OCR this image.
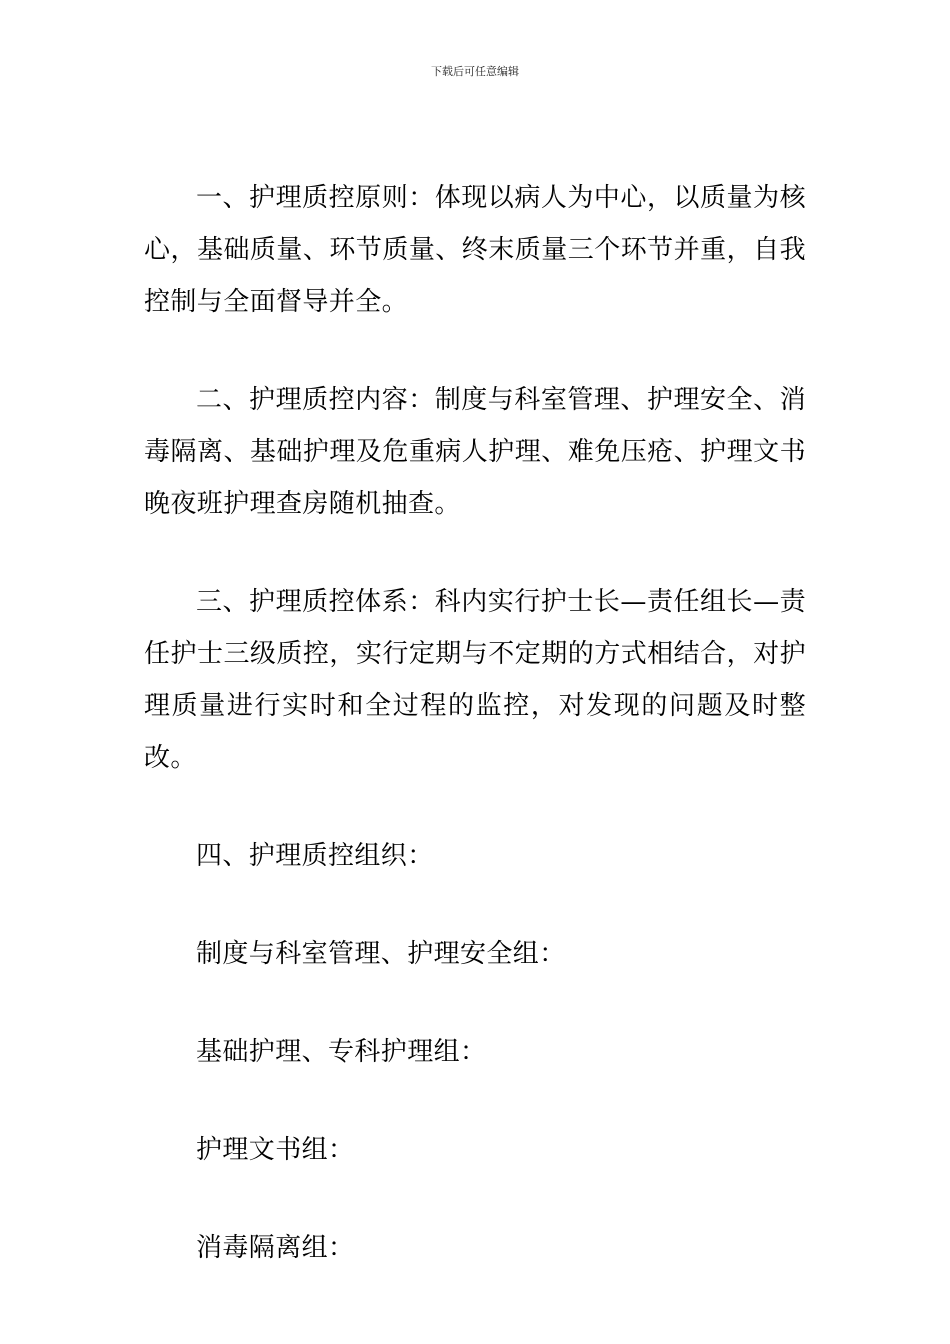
下载后可任意编辑

一、护理质控原则：体现以病人为中心，以质量为核心，基础质量、环节质量、终末质量三个环节并重，自我控制与全面督导并全。

二、护理质控内容：制度与科室管理、护理安全、消毒隔离、基础护理及危重病人护理、难免压疮、护理文书晚夜班护理查房随机抽查。

三、护理质控体系：科内实行护士长—责任组长—责任护士三级质控，实行定期与不定期的方式相结合，对护理质量进行实时和全过程的监控，对发现的问题及时整改。

四、护理质控组织：

制度与科室管理、护理安全组：

基础护理、专科护理组：

护理文书组：

消毒隔离组：
